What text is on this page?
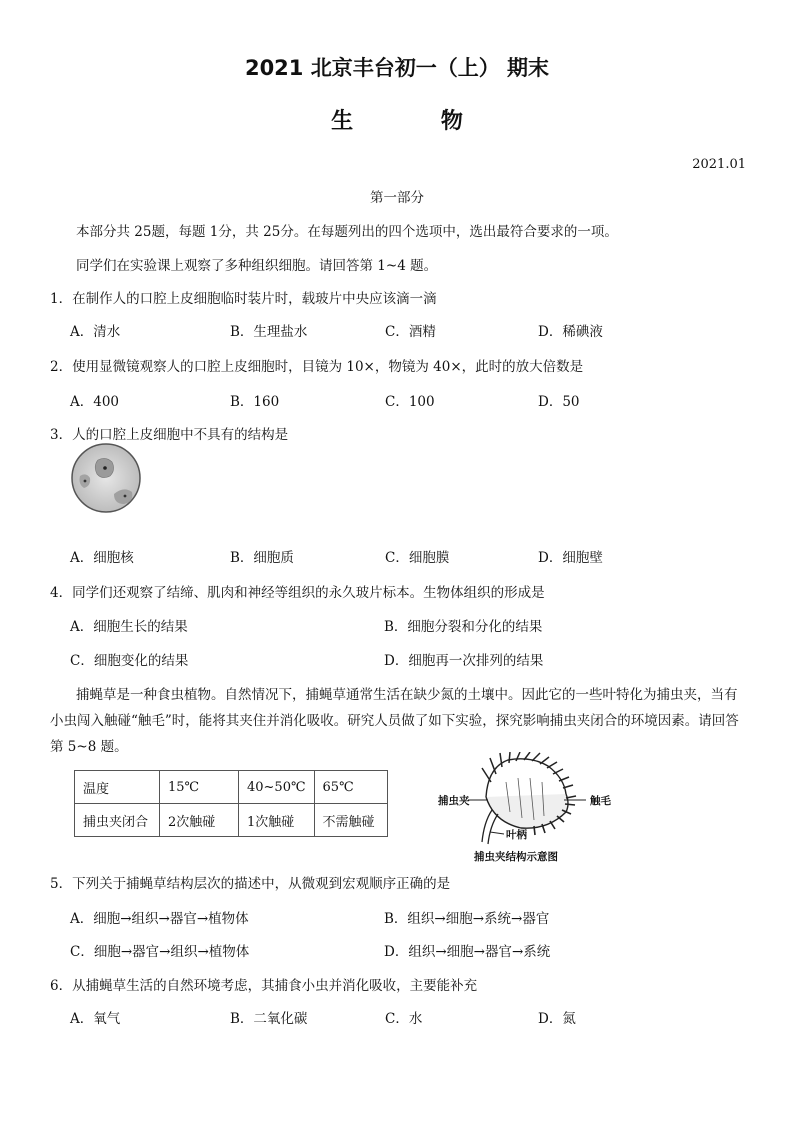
2021 北京丰台初一（上） 期末
生 物
2021.01
第一部分
本部分共 25题，每题 1分，共 25分。在每题列出的四个选项中，选出最符合要求的一项。
同学们在实验课上观察了多种组织细胞。请回答第 1~4 题。
1．在制作人的口腔上皮细胞临时装片时，载玻片中央应该滴一滴
A．清水	B．生理盐水	C．酒精	D．稀碘液
2．使用显微镜观察人的口腔上皮细胞时，目镜为 10×，物镜为 40×，此时的放大倍数是
A．400	B．160	C．100	D．50
3．人的口腔上皮细胞中不具有的结构是
A．细胞核	B．细胞质	C．细胞膜	D．细胞壁
4．同学们还观察了结缔、肌肉和神经等组织的永久玻片标本。生物体组织的形成是
A．细胞生长的结果	B．细胞分裂和分化的结果
C．细胞变化的结果	D．细胞再一次排列的结果
捕蝇草是一种食虫植物。自然情况下，捕蝇草通常生活在缺少氮的土壤中。因此它的一些叶特化为捕虫夹，当有小虫闯入触碰“触毛”时，能将其夹住并消化吸收。研究人员做了如下实验，探究影响捕虫夹闭合的环境因素。请回答第 5~8 题。
温度	15℃	40~50℃	65℃
捕虫夹闭合	2次触碰	1次触碰	不需触碰
捕虫夹	触毛
叶柄
捕虫夹结构示意图
5．下列关于捕蝇草结构层次的描述中，从微观到宏观顺序正确的是
A．细胞→组织→器官→植物体	B．组织→细胞→系统→器官
C．细胞→器官→组织→植物体	D．组织→细胞→器官→系统
6．从捕蝇草生活的自然环境考虑，其捕食小虫并消化吸收，主要能补充
A．氧气	B．二氧化碳	C．水	D．氮
